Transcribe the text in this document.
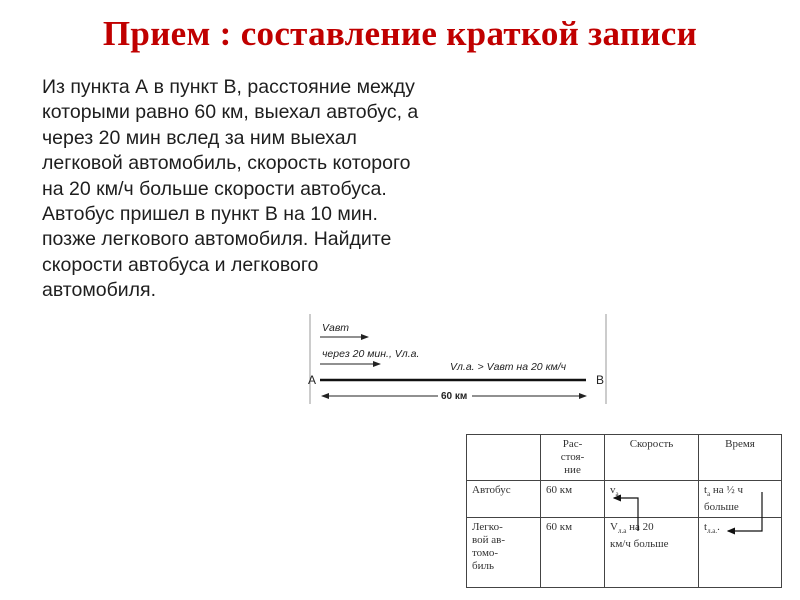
Прием : составление краткой записи
Из пункта А в пункт В, расстояние между
которыми равно 60 км, выехал автобус, а
через 20 мин вслед за ним выехал
легковой автомобиль, скорость которого
на 20 км/ч больше скорости автобуса.
Автобус пришел в пункт В на 10 мин.
позже легкового автомобиля. Найдите
скорости автобуса и легкового
автомобиля.
Vавт
через 20 мин., Vл.а.
Vл.а. > Vавт на 20 км/ч
A	B
60 км

	Рас-
стоя-
ние	Скорость	Время
Автобус	60 км	$v_{а,}$	$t_а$ на ½ ч
больше

Легко-
вой ав-
томо-
биль	60 км	$V_{л.а}$ на 20
км/ч больше	$t_{л.а.}$.
